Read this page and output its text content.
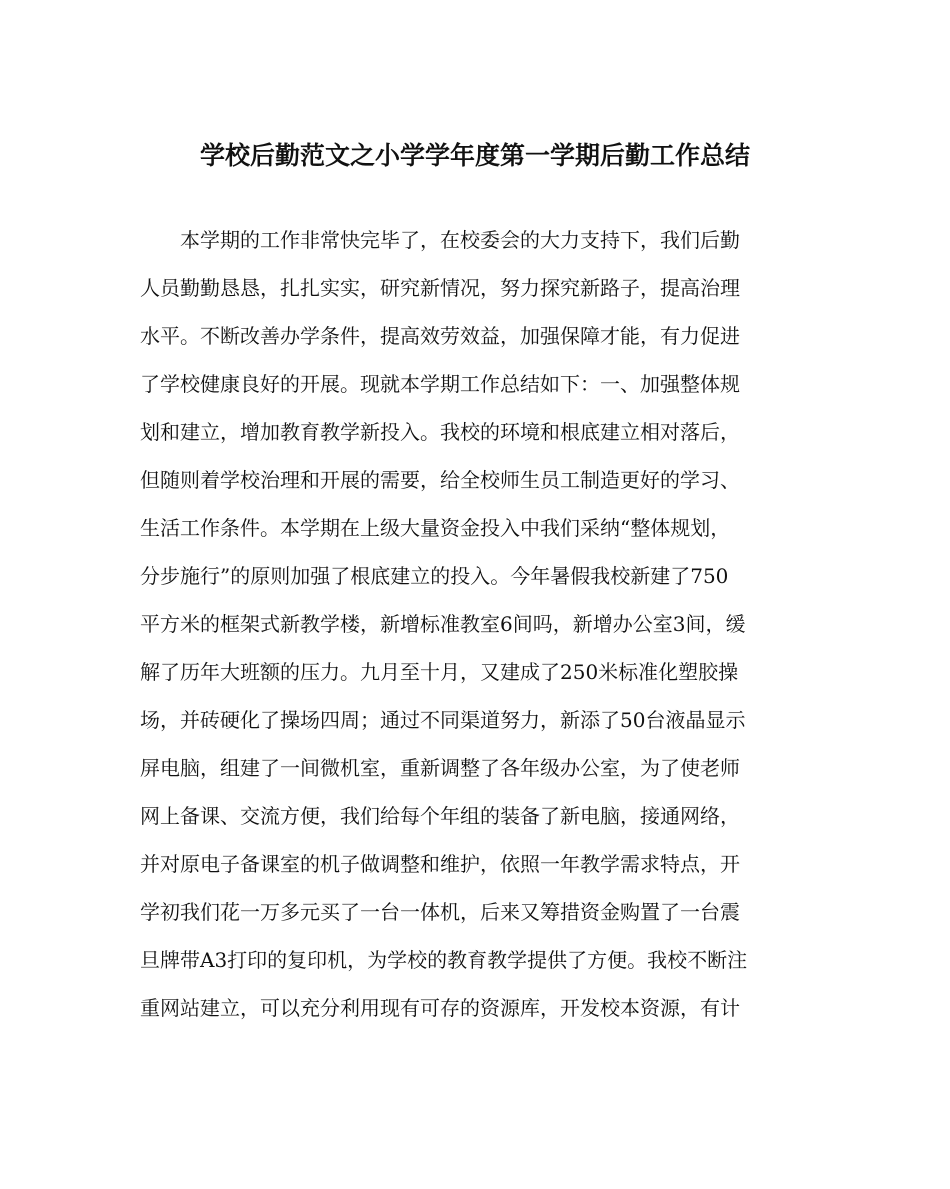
学校后勤范文之小学学年度第一学期后勤工作总结
　　本学期的工作非常快完毕了，在校委会的大力支持下，我们后勤
人员勤勤恳恳，扎扎实实，研究新情况，努力探究新路子，提高治理
水平。不断改善办学条件，提高效劳效益，加强保障才能，有力促进
了学校健康良好的开展。现就本学期工作总结如下：一、加强整体规
划和建立，增加教育教学新投入。我校的环境和根底建立相对落后，
但随则着学校治理和开展的需要，给全校师生员工制造更好的学习、
生活工作条件。本学期在上级大量资金投入中我们采纳“整体规划，
分步施行”的原则加强了根底建立的投入。今年暑假我校新建了750
平方米的框架式新教学楼，新增标准教室6间吗，新增办公室3间，缓
解了历年大班额的压力。九月至十月，又建成了250米标准化塑胶操
场，并砖硬化了操场四周；通过不同渠道努力，新添了50台液晶显示
屏电脑，组建了一间微机室，重新调整了各年级办公室，为了使老师
网上备课、交流方便，我们给每个年组的装备了新电脑，接通网络，
并对原电子备课室的机子做调整和维护，依照一年教学需求特点，开
学初我们花一万多元买了一台一体机，后来又筹措资金购置了一台震
旦牌带A3打印的复印机，为学校的教育教学提供了方便。我校不断注
重网站建立，可以充分利用现有可存的资源库，开发校本资源，有计
